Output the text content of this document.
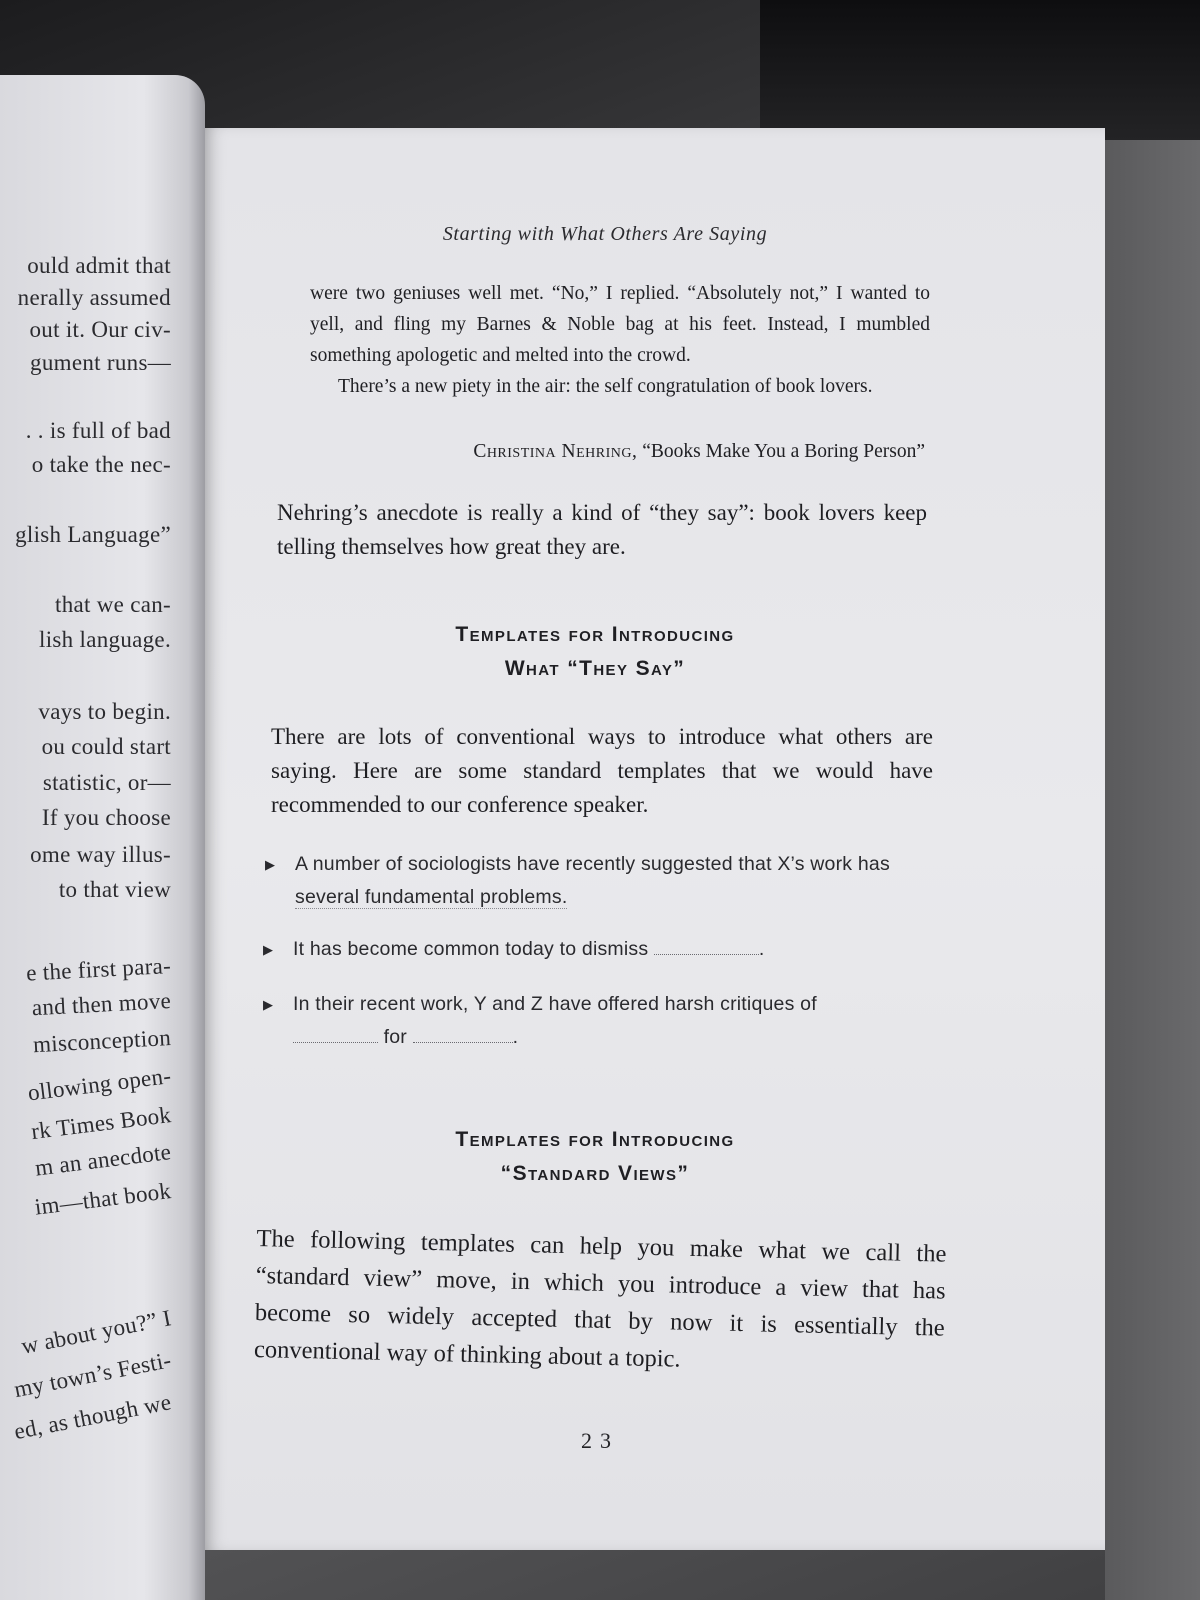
ould admit that
nerally assumed
out it. Our civ-
gument runs—
. . is full of bad
o take the nec-
glish Language”
that we can-
lish language.
vays to begin.
ou could start
statistic, or—
If you choose
ome way illus-
to that view
e the first para-
and then move
misconception
ollowing open-
rk Times Book
m an anecdote
im—that book
w about you?” I
my town’s Festi-
ed, as though we
Starting with What Others Are Saying

were two geniuses well met. “No,” I replied. “Absolutely not,” I wanted to yell, and fling my Barnes & Noble bag at his feet. Instead, I mumbled something apologetic and melted into the crowd.

There’s a new piety in the air: the self congratulation of book lovers.

Christina Nehring, “Books Make You a Boring Person”
Nehring’s anecdote is really a kind of “they say”: book lovers keep telling themselves how great they are.
Templates for Introducing
What “They Say”
There are lots of conventional ways to introduce what others are saying. Here are some standard templates that we would have recommended to our conference speaker.
▶ A number of sociologists have recently suggested that X’s work has several fundamental problems.
▶ It has become common today to dismiss	.
▶ In their recent work, Y and Z have offered harsh critiques of
for	.
Templates for Introducing
“Standard Views”
The following templates can help you make what we call the “standard view” move, in which you introduce a view that has become so widely accepted that by now it is essentially the conventional way of thinking about a topic.
23
